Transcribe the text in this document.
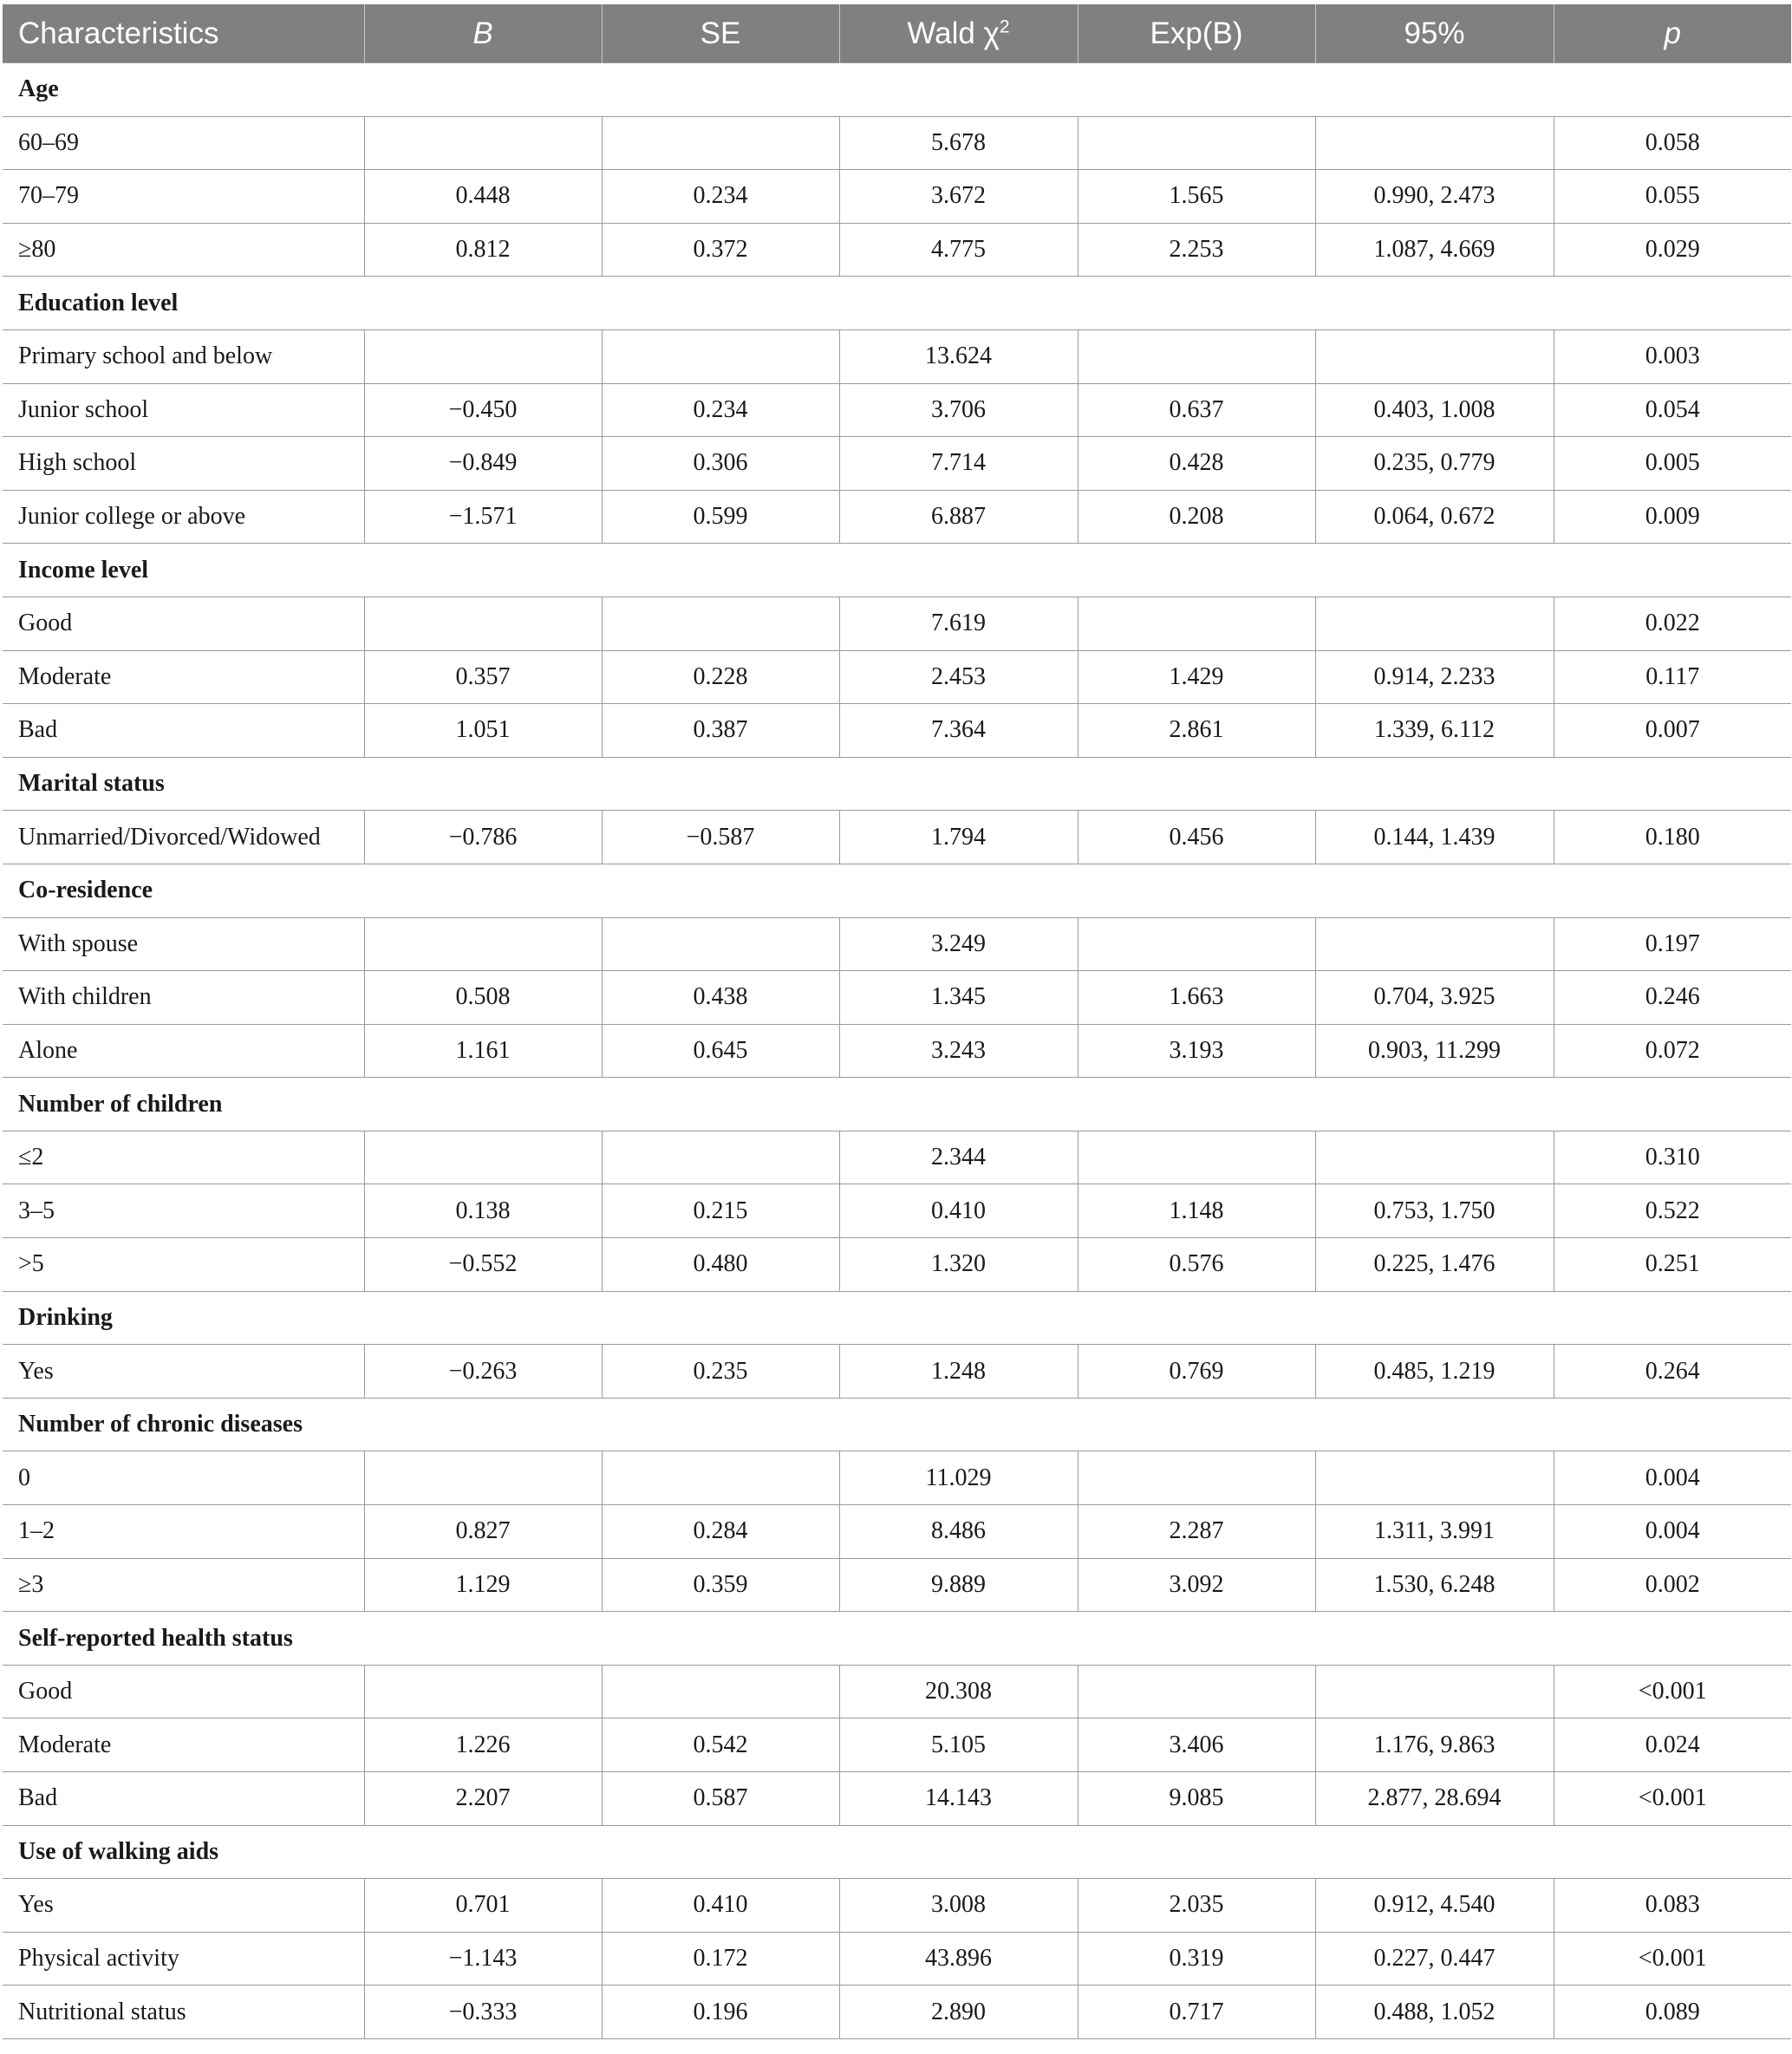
Characteristics	B	SE	Wald $\chi^2$	Exp(B)	95%	p
Age						
60–69			5.678			0.058
70–79	0.448	0.234	3.672	1.565	0.990, 2.473	0.055
≥80	0.812	0.372	4.775	2.253	1.087, 4.669	0.029
Education level						
Primary school and below			13.624			0.003
Junior school	−0.450	0.234	3.706	0.637	0.403, 1.008	0.054
High school	−0.849	0.306	7.714	0.428	0.235, 0.779	0.005
Junior college or above	−1.571	0.599	6.887	0.208	0.064, 0.672	0.009
Income level						
Good			7.619			0.022
Moderate	0.357	0.228	2.453	1.429	0.914, 2.233	0.117
Bad	1.051	0.387	7.364	2.861	1.339, 6.112	0.007
Marital status						
Unmarried/Divorced/Widowed	−0.786	−0.587	1.794	0.456	0.144, 1.439	0.180
Co-residence						
With spouse			3.249			0.197
With children	0.508	0.438	1.345	1.663	0.704, 3.925	0.246
Alone	1.161	0.645	3.243	3.193	0.903, 11.299	0.072
Number of children						
≤2			2.344			0.310
3–5	0.138	0.215	0.410	1.148	0.753, 1.750	0.522
>5	−0.552	0.480	1.320	0.576	0.225, 1.476	0.251
Drinking						
Yes	−0.263	0.235	1.248	0.769	0.485, 1.219	0.264
Number of chronic diseases						
0			11.029			0.004
1–2	0.827	0.284	8.486	2.287	1.311, 3.991	0.004
≥3	1.129	0.359	9.889	3.092	1.530, 6.248	0.002
Self-reported health status						
Good			20.308			<0.001
Moderate	1.226	0.542	5.105	3.406	1.176, 9.863	0.024
Bad	2.207	0.587	14.143	9.085	2.877, 28.694	<0.001
Use of walking aids						
Yes	0.701	0.410	3.008	2.035	0.912, 4.540	0.083
Physical activity	−1.143	0.172	43.896	0.319	0.227, 0.447	<0.001
Nutritional status	−0.333	0.196	2.890	0.717	0.488, 1.052	0.089
